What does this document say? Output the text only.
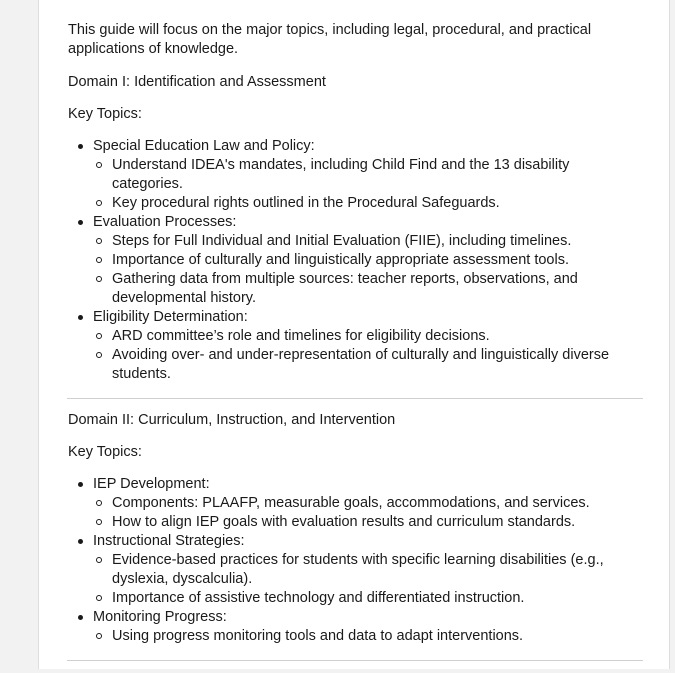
This guide will focus on the major topics, including legal, procedural, and practical applications of knowledge.

Domain I: Identification and Assessment

Key Topics:

Special Education Law and Policy:
Understand IDEA's mandates, including Child Find and the 13 disability categories.
Key procedural rights outlined in the Procedural Safeguards.
Evaluation Processes:
Steps for Full Individual and Initial Evaluation (FIIE), including timelines.
Importance of culturally and linguistically appropriate assessment tools.
Gathering data from multiple sources: teacher reports, observations, and developmental history.
Eligibility Determination:
ARD committee’s role and timelines for eligibility decisions.
Avoiding over- and under-representation of culturally and linguistically diverse students.

Domain II: Curriculum, Instruction, and Intervention

Key Topics:

IEP Development:
Components: PLAAFP, measurable goals, accommodations, and services.
How to align IEP goals with evaluation results and curriculum standards.
Instructional Strategies:
Evidence-based practices for students with specific learning disabilities (e.g., dyslexia, dyscalculia).
Importance of assistive technology and differentiated instruction.
Monitoring Progress:
Using progress monitoring tools and data to adapt interventions.
